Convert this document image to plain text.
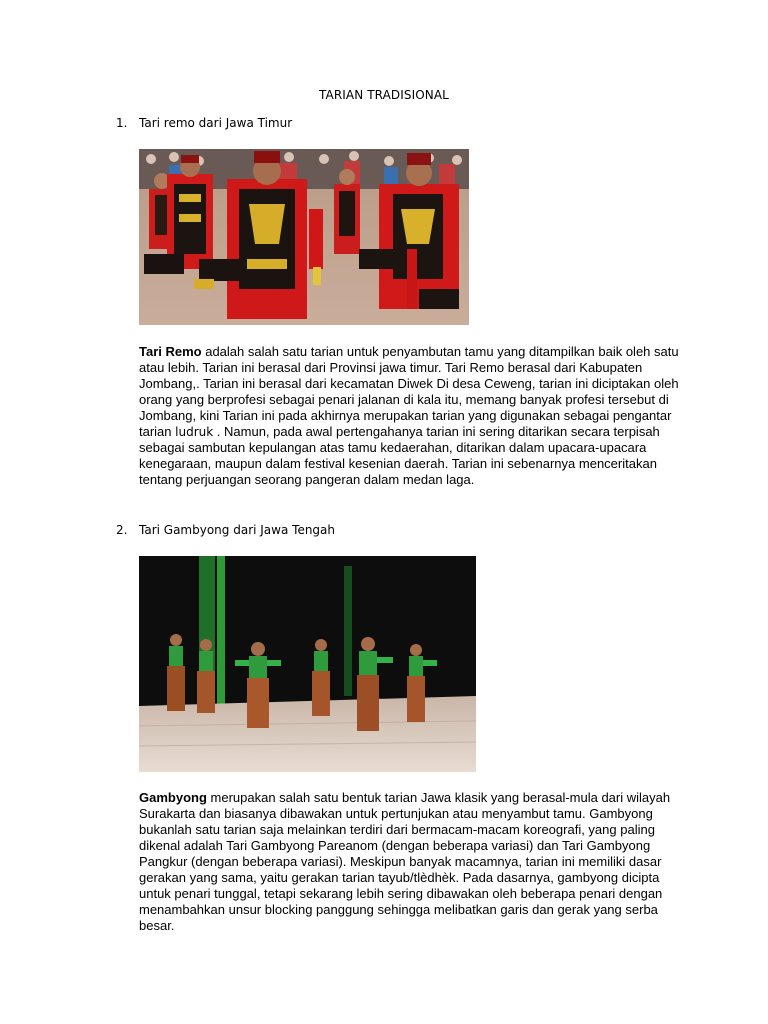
TARIAN TRADISIONAL
1. Tari remo dari Jawa Timur

Tari Remo adalah salah satu tarian untuk penyambutan tamu yang ditampilkan baik oleh satu atau lebih. Tarian ini berasal dari Provinsi jawa timur. Tari Remo berasal dari Kabupaten Jombang,. Tarian ini berasal dari kecamatan Diwek Di desa Ceweng, tarian ini diciptakan oleh orang yang berprofesi sebagai penari jalanan di kala itu, memang banyak profesi tersebut di Jombang, kini Tarian ini pada akhirnya merupakan tarian yang digunakan sebagai pengantar tarian ludruk . Namun, pada awal pertengahanya tarian ini sering ditarikan secara terpisah sebagai sambutan kepulangan atas tamu kedaerahan, ditarikan dalam upacara-upacara kenegaraan, maupun dalam festival kesenian daerah. Tarian ini sebenarnya menceritakan tentang perjuangan seorang pangeran dalam medan laga.

2. Tari Gambyong dari Jawa Tengah

Gambyong merupakan salah satu bentuk tarian Jawa klasik yang berasal-mula dari wilayah Surakarta dan biasanya dibawakan untuk pertunjukan atau menyambut tamu. Gambyong bukanlah satu tarian saja melainkan terdiri dari bermacam-macam koreografi, yang paling dikenal adalah Tari Gambyong Pareanom (dengan beberapa variasi) dan Tari Gambyong Pangkur (dengan beberapa variasi). Meskipun banyak macamnya, tarian ini memiliki dasar gerakan yang sama, yaitu gerakan tarian tayub/tlèdhèk. Pada dasarnya, gambyong dicipta untuk penari tunggal, tetapi sekarang lebih sering dibawakan oleh beberapa penari dengan menambahkan unsur blocking panggung sehingga melibatkan garis dan gerak yang serba besar.
